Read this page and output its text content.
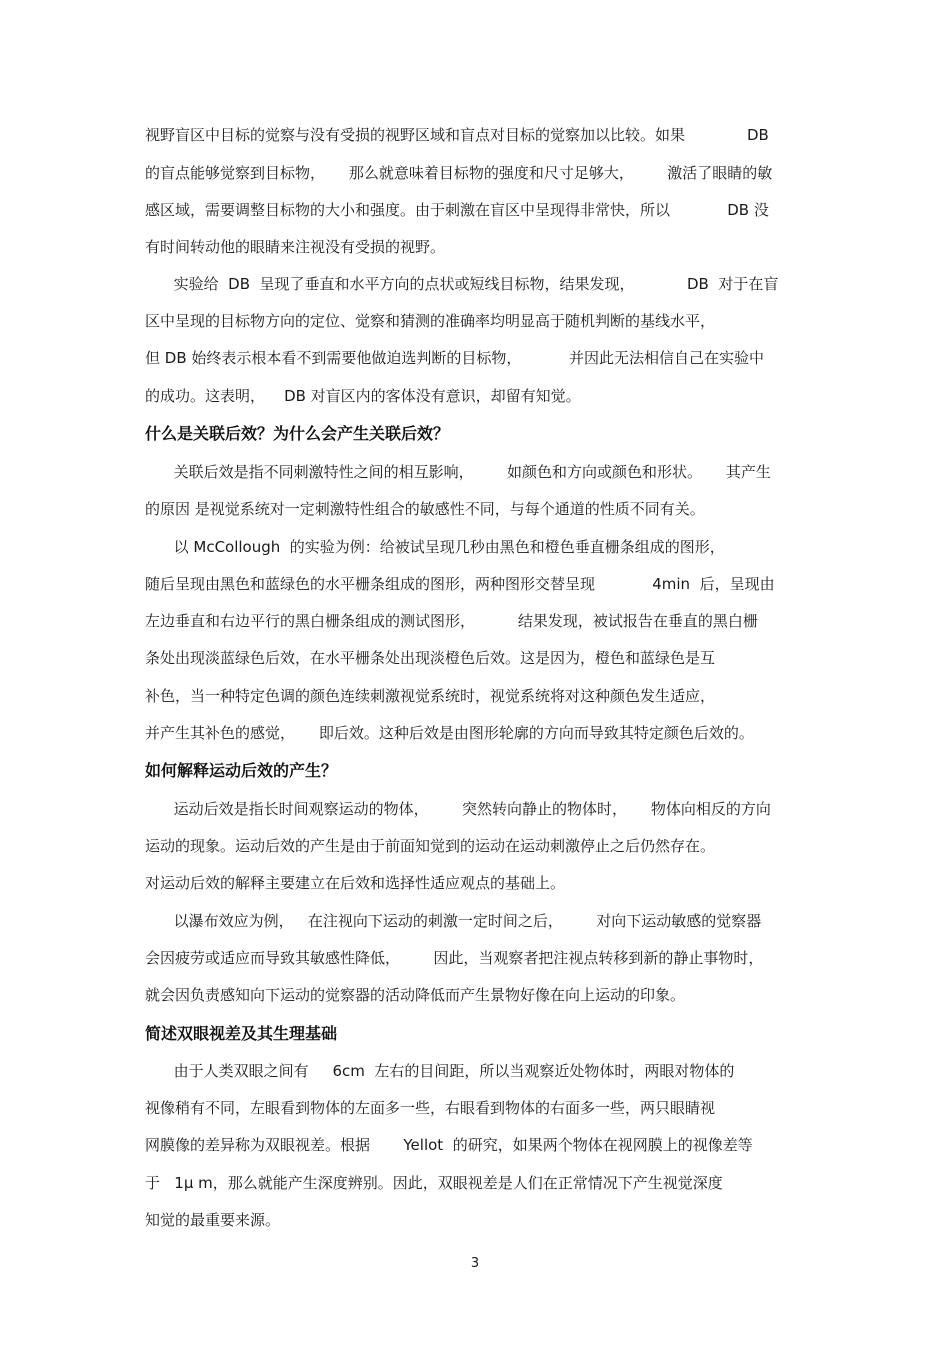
视野盲区中目标的觉察与没有受损的视野区域和盲点对目标的觉察加以比较。如果             DB

的盲点能够觉察到目标物，     那么就意味着目标物的强度和尺寸足够大，       激活了眼睛的敏

感区域，需要调整目标物的大小和强度。由于刺激在盲区中呈现得非常快，所以            DB 没

有时间转动他的眼睛来注视没有受损的视野。

实验给  DB  呈现了垂直和水平方向的点状或短线目标物，结果发现，           DB  对于在盲

区中呈现的目标物方向的定位、觉察和猜测的准确率均明显高于随机判断的基线水平，

但 DB 始终表示根本看不到需要他做迫选判断的目标物，          并因此无法相信自己在实验中

的成功。这表明，    DB 对盲区内的客体没有意识，却留有知觉。

什么是关联后效？为什么会产生关联后效？

关联后效是指不同刺激特性之间的相互影响，       如颜色和方向或颜色和形状。     其产生

的原因 是视觉系统对一定刺激特性组合的敏感性不同，与每个通道的性质不同有关。

以 McCollough  的实验为例：给被试呈现几秒由黑色和橙色垂直栅条组成的图形，

随后呈现由黑色和蓝绿色的水平栅条组成的图形，两种图形交替呈现            4min  后，呈现由

左边垂直和右边平行的黑白栅条组成的测试图形，         结果发现，被试报告在垂直的黑白栅

条处出现淡蓝绿色后效，在水平栅条处出现淡橙色后效。这是因为，橙色和蓝绿色是互

补色，当一种特定色调的颜色连续刺激视觉系统时，视觉系统将对这种颜色发生适应，

并产生其补色的感觉，     即后效。这种后效是由图形轮廓的方向而导致其特定颜色后效的。

如何解释运动后效的产生？

运动后效是指长时间观察运动的物体，       突然转向静止的物体时，     物体向相反的方向

运动的现象。运动后效的产生是由于前面知觉到的运动在运动刺激停止之后仍然存在。

对运动后效的解释主要建立在后效和选择性适应观点的基础上。

以瀑布效应为例，   在注视向下运动的刺激一定时间之后，       对向下运动敏感的觉察器

会因疲劳或适应而导致其敏感性降低，       因此，当观察者把注视点转移到新的静止事物时，

就会因负责感知向下运动的觉察器的活动降低而产生景物好像在向上运动的印象。

简述双眼视差及其生理基础

由于人类双眼之间有     6cm  左右的目间距，所以当观察近处物体时，两眼对物体的

视像稍有不同，左眼看到物体的左面多一些，右眼看到物体的右面多一些，两只眼睛视

网膜像的差异称为双眼视差。根据       Yellot  的研究，如果两个物体在视网膜上的视像差等

于   1μ m，那么就能产生深度辨别。因此，双眼视差是人们在正常情况下产生视觉深度

知觉的最重要来源。

3
